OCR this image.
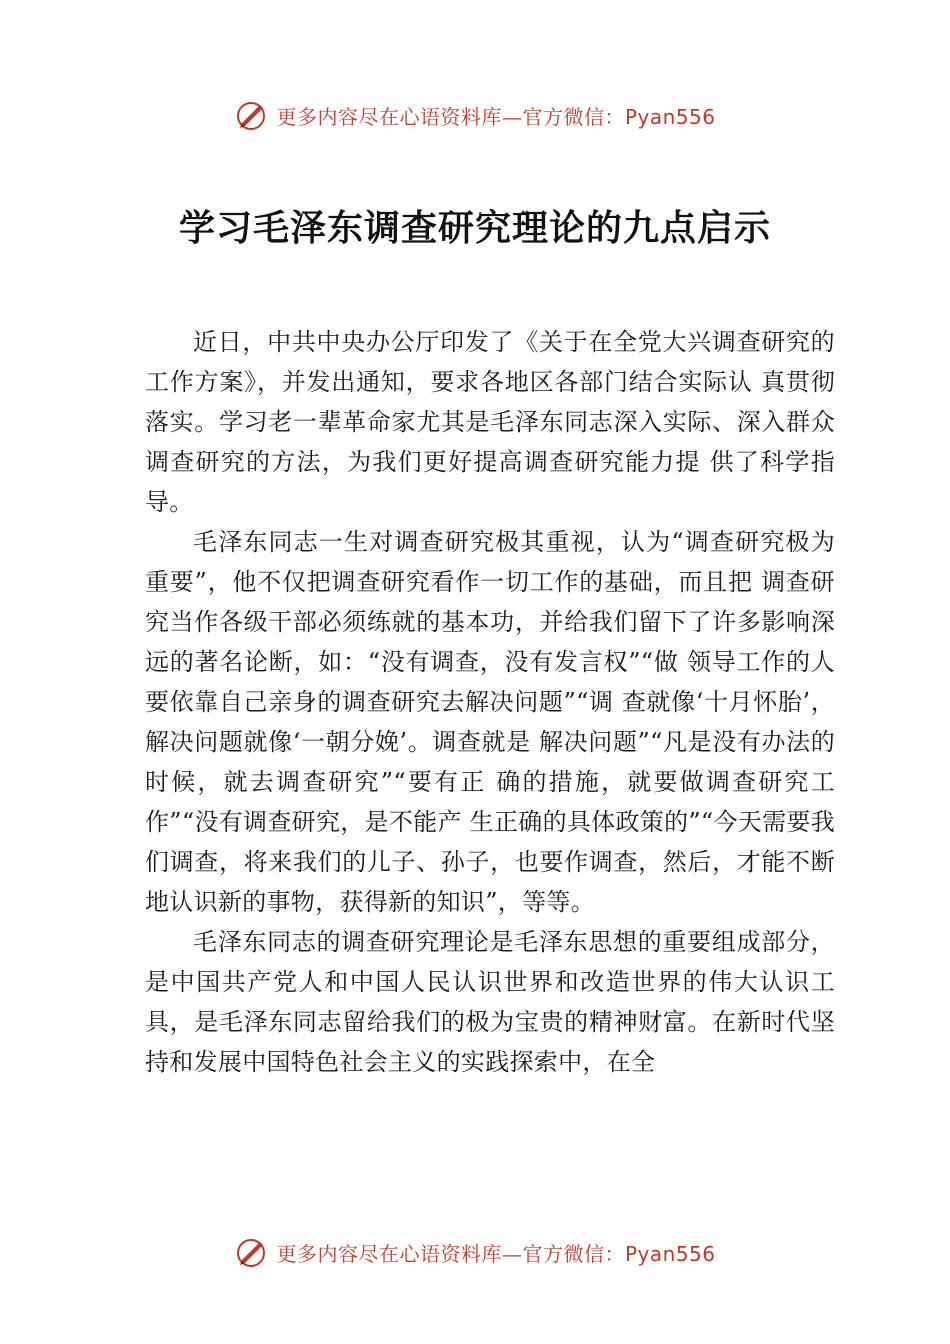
更多内容尽在心语资料库—官方微信：Pyan556
学习毛泽东调查研究理论的九点启示

近日，中共中央办公厅印发了《关于在全党大兴调查研究的工作方案》，并发出通知，要求各地区各部门结合实际认 真贯彻落实。学习老一辈革命家尤其是毛泽东同志深入实际、深入群众调查研究的方法，为我们更好提高调查研究能力提 供了科学指导。

毛泽东同志一生对调查研究极其重视，认为“调查研究极为重要”，他不仅把调查研究看作一切工作的基础，而且把 调查研究当作各级干部必须练就的基本功，并给我们留下了许多影响深远的著名论断，如：“没有调查，没有发言权”“做 领导工作的人要依靠自己亲身的调查研究去解决问题”“调 查就像‘十月怀胎’，解决问题就像‘一朝分娩’。调查就是 解决问题”“凡是没有办法的时候，就去调查研究”“要有正 确的措施，就要做调查研究工作”“没有调查研究，是不能产 生正确的具体政策的”“今天需要我们调查，将来我们的儿子、孙子，也要作调查，然后，才能不断地认识新的事物，获得新的知识”，等等。

毛泽东同志的调查研究理论是毛泽东思想的重要组成部分，是中国共产党人和中国人民认识世界和改造世界的伟大认识工具，是毛泽东同志留给我们的极为宝贵的精神财富。在新时代坚持和发展中国特色社会主义的实践探索中，在全

更多内容尽在心语资料库—官方微信：Pyan556
